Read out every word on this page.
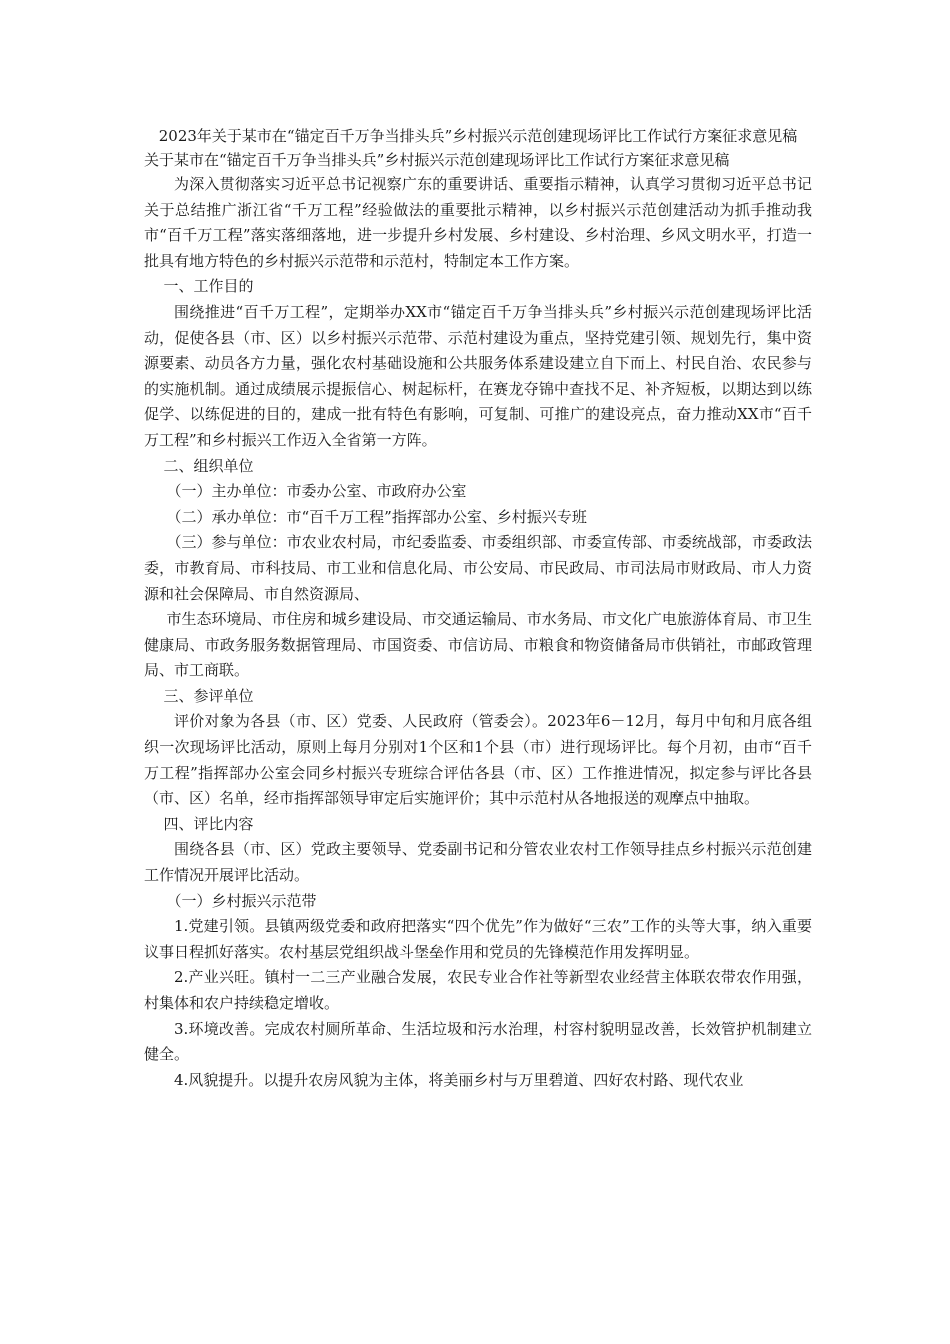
2023年关于某市在“锚定百千万争当排头兵”乡村振兴示范创建现场评比工作试行方案征求意见稿
关于某市在“锚定百千万争当排头兵”乡村振兴示范创建现场评比工作试行方案征求意见稿

为深入贯彻落实习近平总书记视察广东的重要讲话、重要指示精神，认真学习贯彻习近平总书记关于总结推广浙江省“千万工程”经验做法的重要批示精神，以乡村振兴示范创建活动为抓手推动我市“百千万工程”落实落细落地，进一步提升乡村发展、乡村建设、乡村治理、乡风文明水平，打造一批具有地方特色的乡村振兴示范带和示范村，特制定本工作方案。

一、工作目的

围绕推进“百千万工程”，定期举办XX市“锚定百千万争当排头兵”乡村振兴示范创建现场评比活动，促使各县（市、区）以乡村振兴示范带、示范村建设为重点，坚持党建引领、规划先行，集中资源要素、动员各方力量，强化农村基础设施和公共服务体系建设建立自下而上、村民自治、农民参与的实施机制。通过成绩展示提振信心、树起标杆，在赛龙夺锦中查找不足、补齐短板，以期达到以练促学、以练促进的目的，建成一批有特色有影响，可复制、可推广的建设亮点，奋力推动XX市“百千万工程”和乡村振兴工作迈入全省第一方阵。

二、组织单位

（一）主办单位：市委办公室、市政府办公室

（二）承办单位：市“百千万工程”指挥部办公室、乡村振兴专班

（三）参与单位：市农业农村局，市纪委监委、市委组织部、市委宣传部、市委统战部，市委政法委，市教育局、市科技局、市工业和信息化局、市公安局、市民政局、市司法局市财政局、市人力资源和社会保障局、市自然资源局、

市生态环境局、市住房和城乡建设局、市交通运输局、市水务局、市文化广电旅游体育局、市卫生健康局、市政务服务数据管理局、市国资委、市信访局、市粮食和物资储备局市供销社，市邮政管理局、市工商联。

三、参评单位

评价对象为各县（市、区）党委、人民政府（管委会）。2023年6－12月，每月中旬和月底各组织一次现场评比活动，原则上每月分别对1个区和1个县（市）进行现场评比。每个月初，由市“百千万工程”指挥部办公室会同乡村振兴专班综合评估各县（市、区）工作推进情况，拟定参与评比各县（市、区）名单，经市指挥部领导审定后实施评价；其中示范村从各地报送的观摩点中抽取。

四、评比内容

围绕各县（市、区）党政主要领导、党委副书记和分管农业农村工作领导挂点乡村振兴示范创建工作情况开展评比活动。

（一）乡村振兴示范带

1.党建引领。县镇两级党委和政府把落实“四个优先”作为做好“三农”工作的头等大事，纳入重要议事日程抓好落实。农村基层党组织战斗堡垒作用和党员的先锋模范作用发挥明显。

2.产业兴旺。镇村一二三产业融合发展，农民专业合作社等新型农业经营主体联农带农作用强，村集体和农户持续稳定增收。

3.环境改善。完成农村厕所革命、生活垃圾和污水治理，村容村貌明显改善，长效管护机制建立健全。

4.风貌提升。以提升农房风貌为主体，将美丽乡村与万里碧道、四好农村路、现代农业
